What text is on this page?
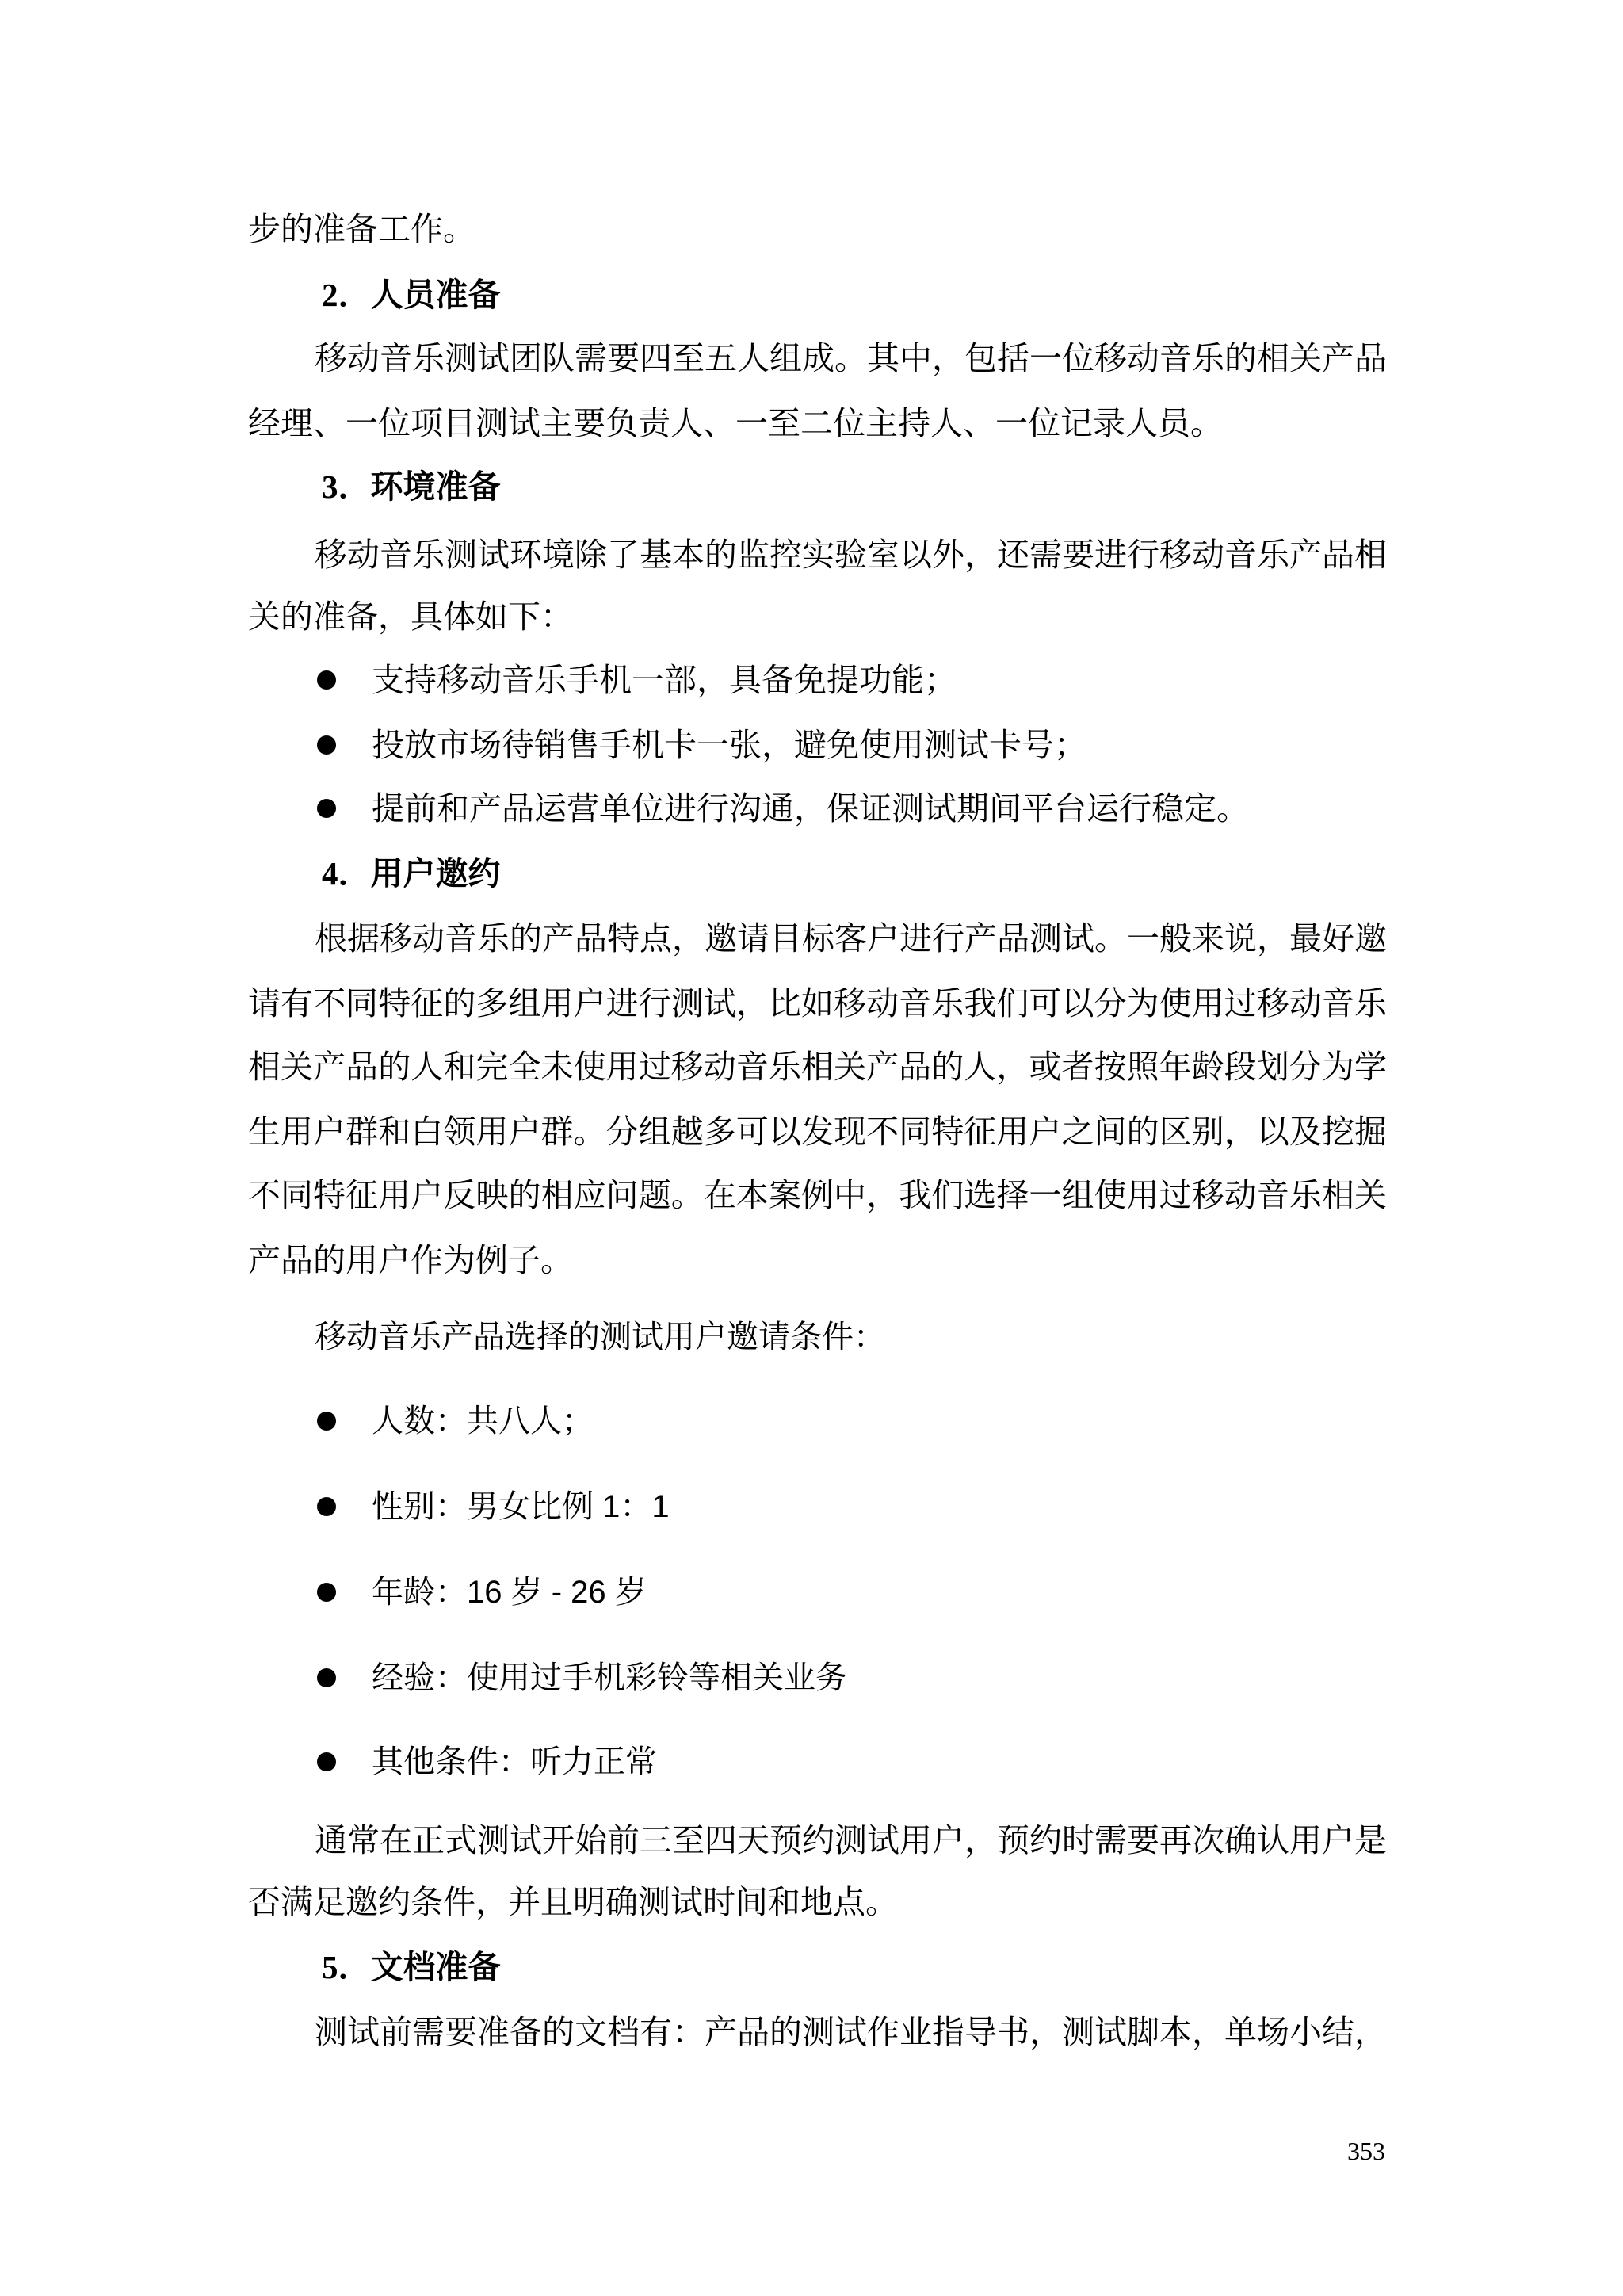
步的准备工作。
2．人员准备
移动音乐测试团队需要四至五人组成。其中，包括一位移动音乐的相关产品
经理、一位项目测试主要负责人、一至二位主持人、一位记录人员。
3．环境准备
移动音乐测试环境除了基本的监控实验室以外，还需要进行移动音乐产品相
关的准备，具体如下：
支持移动音乐手机一部，具备免提功能；
投放市场待销售手机卡一张，避免使用测试卡号；
提前和产品运营单位进行沟通，保证测试期间平台运行稳定。
4．用户邀约
根据移动音乐的产品特点，邀请目标客户进行产品测试。一般来说，最好邀
请有不同特征的多组用户进行测试，比如移动音乐我们可以分为使用过移动音乐
相关产品的人和完全未使用过移动音乐相关产品的人，或者按照年龄段划分为学
生用户群和白领用户群。分组越多可以发现不同特征用户之间的区别，以及挖掘
不同特征用户反映的相应问题。在本案例中，我们选择一组使用过移动音乐相关
产品的用户作为例子。
移动音乐产品选择的测试用户邀请条件：
人数：共八人；
性别：男女比例 1：1
年龄：16 岁 - 26 岁
经验：使用过手机彩铃等相关业务
其他条件：听力正常
通常在正式测试开始前三至四天预约测试用户，预约时需要再次确认用户是
否满足邀约条件，并且明确测试时间和地点。
5．文档准备
测试前需要准备的文档有：产品的测试作业指导书，测试脚本，单场小结，
353
